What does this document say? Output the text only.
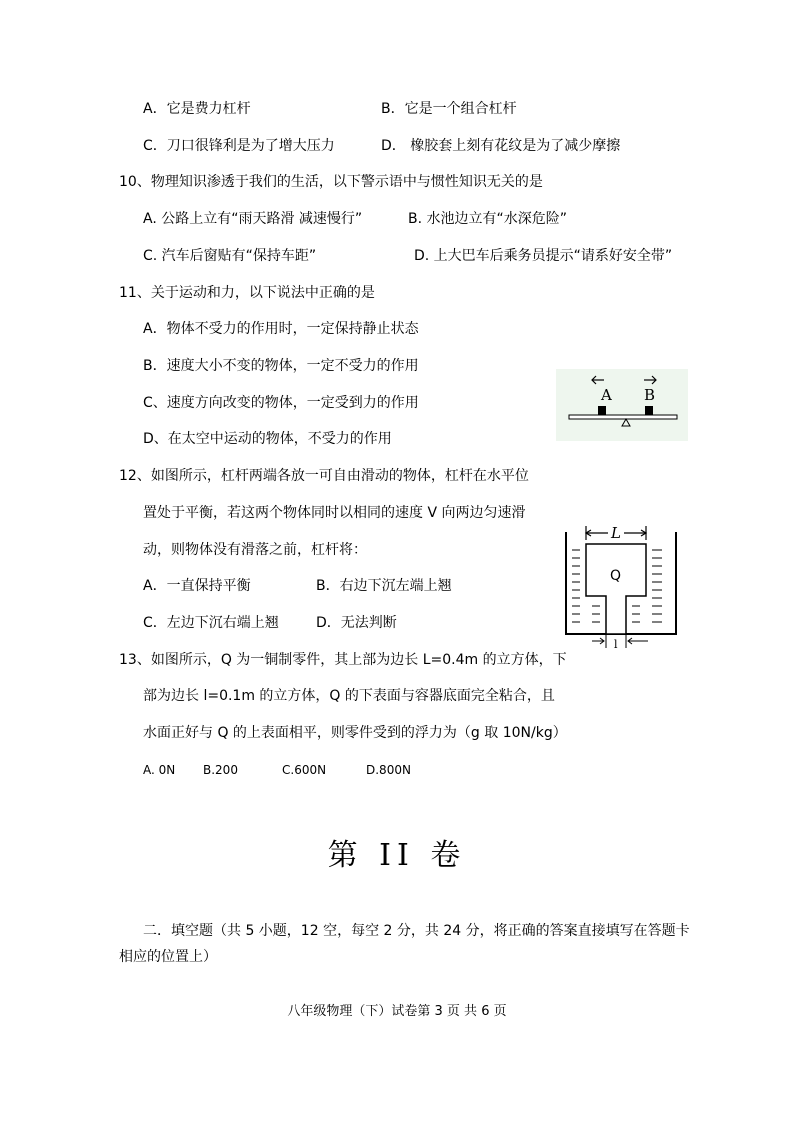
A．它是费力杠杆	B．它是一个组合杠杆
C．刀口很锋利是为了增大压力	D． 橡胶套上刻有花纹是为了减少摩擦
10、物理知识渗透于我们的生活，以下警示语中与惯性知识无关的是
A. 公路上立有“雨天路滑 减速慢行”	B. 水池边立有“水深危险”
C. 汽车后窗贴有“保持车距”	D. 上大巴车后乘务员提示“请系好安全带”
11、关于运动和力，以下说法中正确的是
A．物体不受力的作用时，一定保持静止状态
B．速度大小不变的物体，一定不受力的作用
C、速度方向改变的物体，一定受到力的作用
D、在太空中运动的物体，不受力的作用
12、如图所示，杠杆两端各放一可自由滑动的物体，杠杆在水平位
置处于平衡，若这两个物体同时以相同的速度 V 向两边匀速滑
动，则物体没有滑落之前，杠杆将：
A．一直保持平衡	B．右边下沉左端上翘
C．左边下沉右端上翘	D．无法判断
13、如图所示，Q 为一铜制零件，其上部为边长 L=0.4m 的立方体，下
部为边长 l=0.1m 的立方体，Q 的下表面与容器底面完全粘合，且
水面正好与 Q 的上表面相平，则零件受到的浮力为（g 取 10N/kg）
A. 0N B.200	C.600N	D.800N
A B
L
Q
l
第 II 卷
二．填空题（共 5 小题，12 空，每空 2 分，共 24 分，将正确的答案直接填写在答题卡
相应的位置上）
八年级物理（下）试卷第 3 页 共 6 页
